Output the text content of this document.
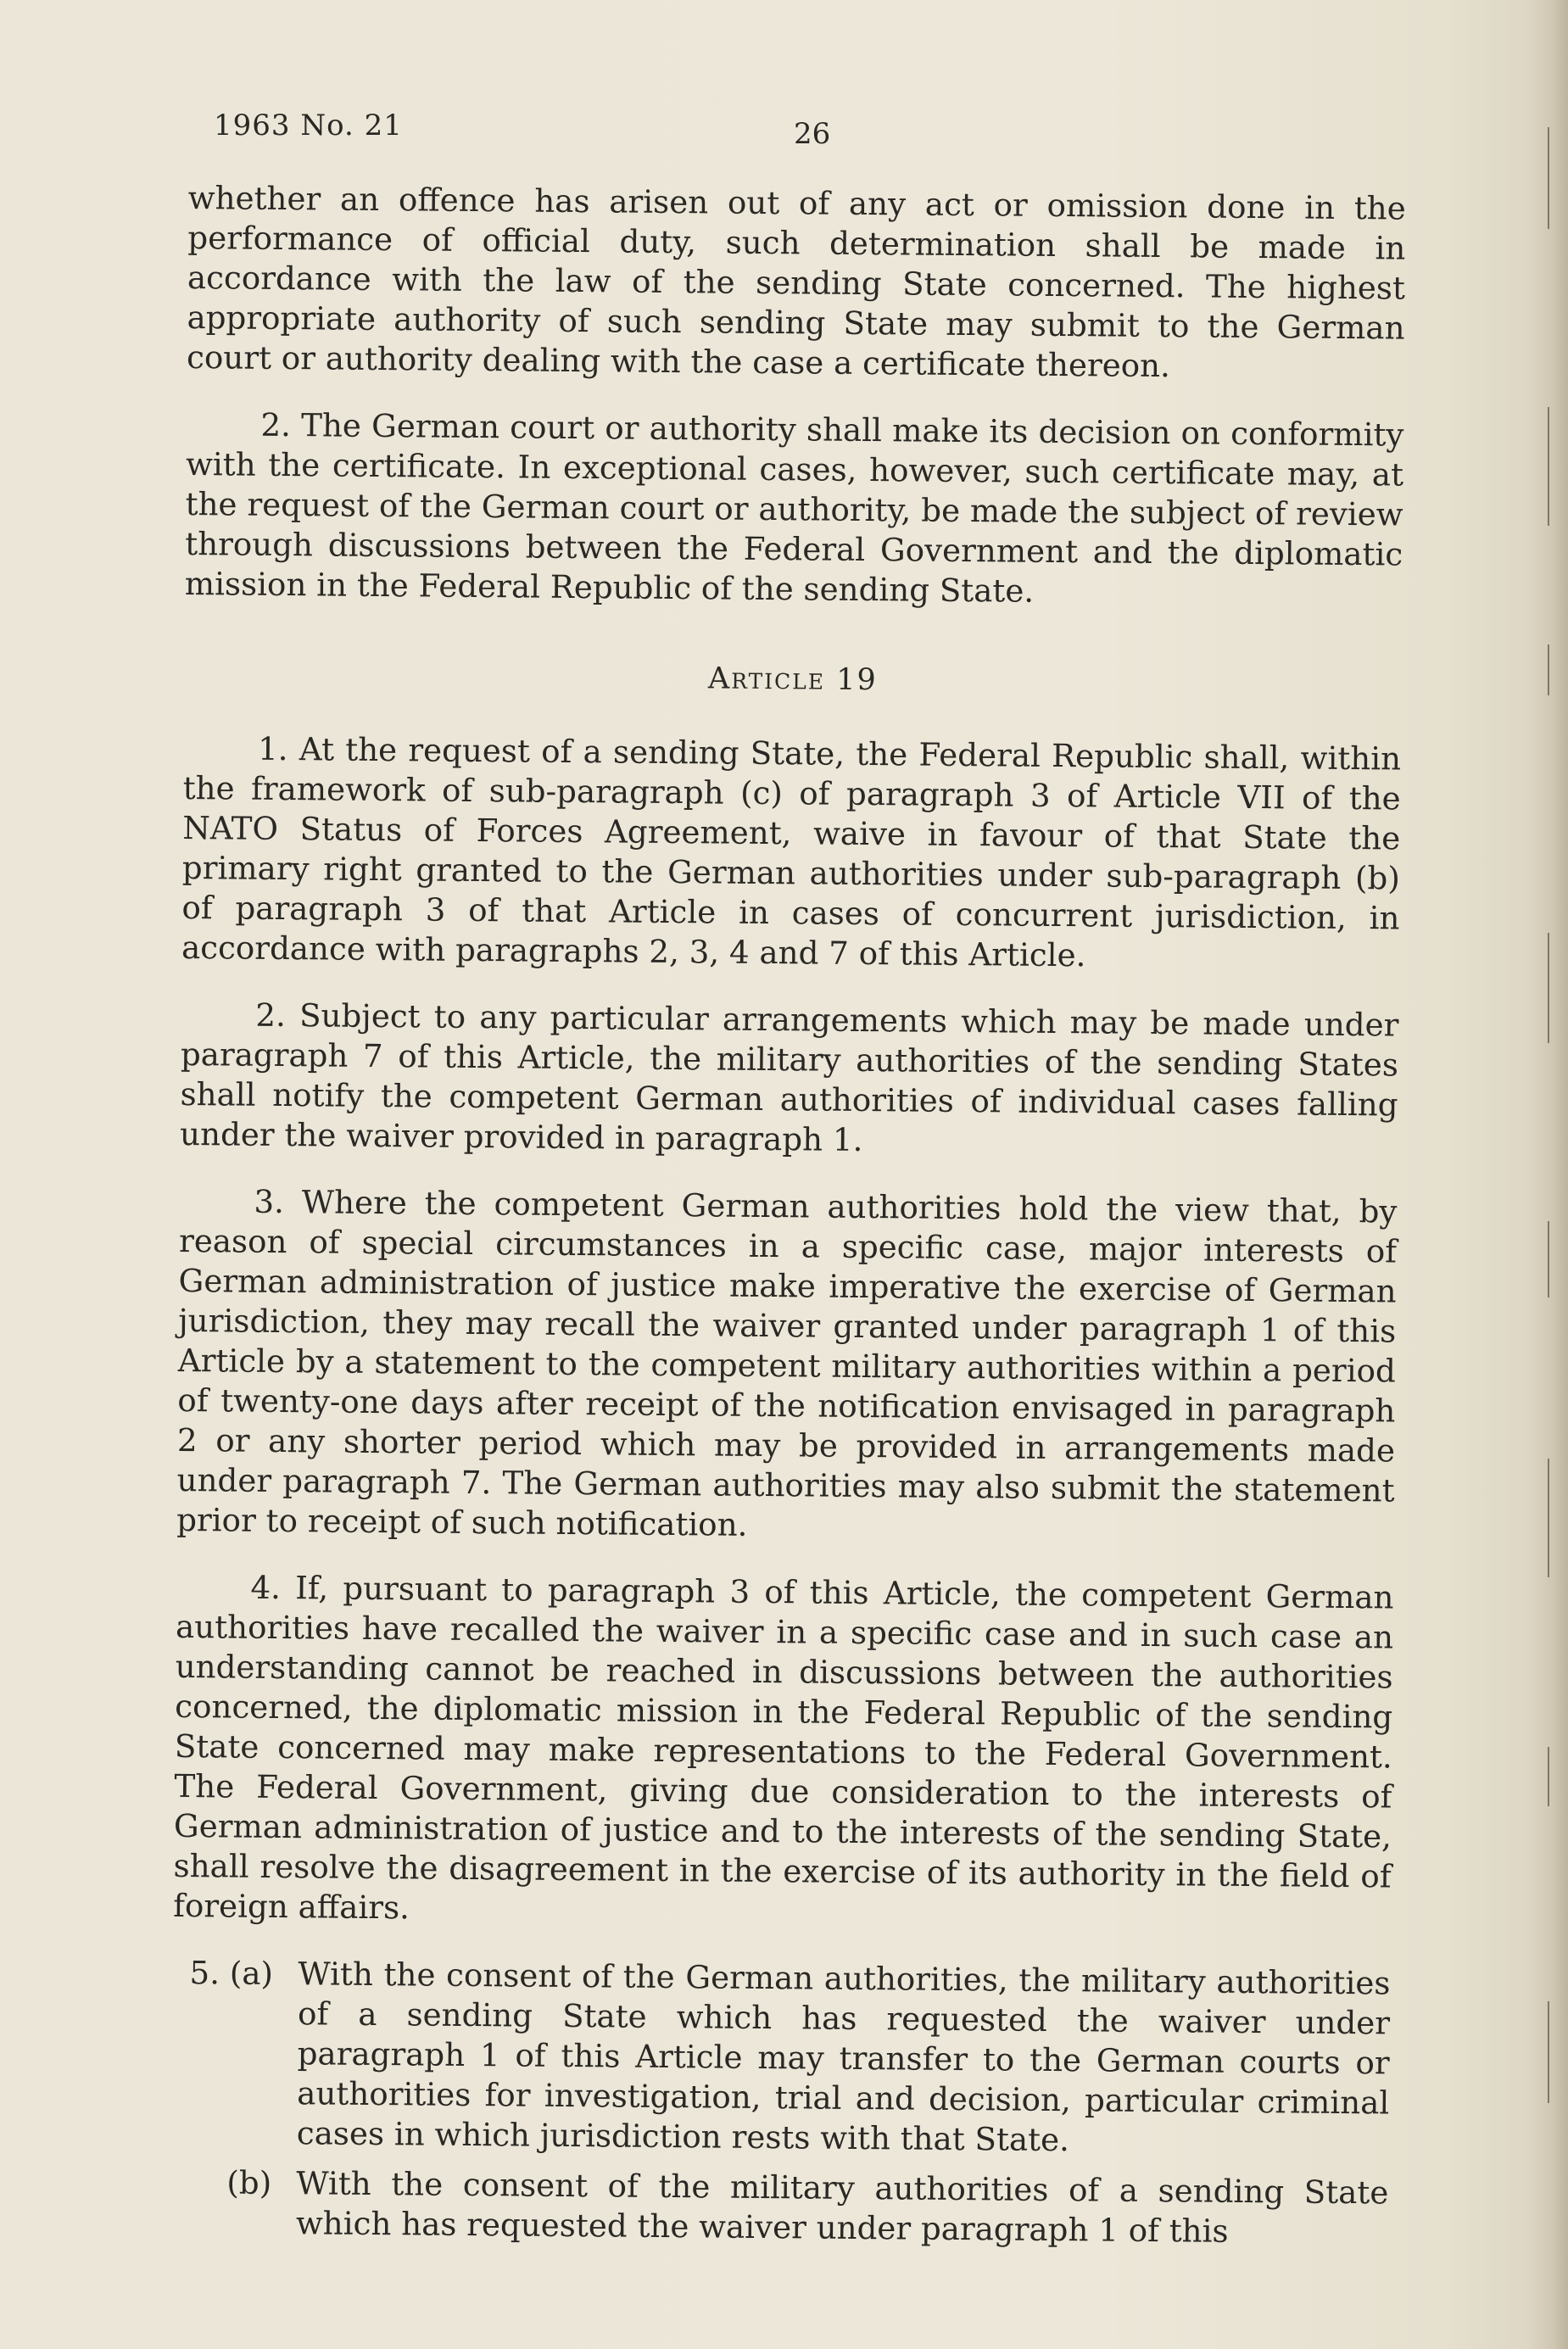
1963 No. 21	26

whether an offence has arisen out of any act or omission done in the performance of official duty, such determination shall be made in accordance with the law of the sending State concerned. The highest appropriate authority of such sending State may submit to the German court or authority dealing with the case a certificate thereon.

2. The German court or authority shall make its decision on conformity with the certificate. In exceptional cases, however, such certificate may, at the request of the German court or authority, be made the subject of review through discussions between the Federal Government and the diplomatic mission in the Federal Republic of the sending State.

Article 19

1. At the request of a sending State, the Federal Republic shall, within the framework of sub-paragraph (c) of paragraph 3 of Article VII of the NATO Status of Forces Agreement, waive in favour of that State the primary right granted to the German authorities under sub-paragraph (b) of paragraph 3 of that Article in cases of concurrent jurisdiction, in accordance with paragraphs 2, 3, 4 and 7 of this Article.

2. Subject to any particular arrangements which may be made under paragraph 7 of this Article, the military authorities of the sending States shall notify the competent German authorities of individual cases falling under the waiver provided in paragraph 1.

3. Where the competent German authorities hold the view that, by reason of special circumstances in a specific case, major interests of German administration of justice make imperative the exercise of German jurisdiction, they may recall the waiver granted under paragraph 1 of this Article by a statement to the competent military authorities within a period of twenty-one days after receipt of the notification envisaged in paragraph 2 or any shorter period which may be provided in arrangements made under paragraph 7. The German authorities may also submit the statement prior to receipt of such notification.

4. If, pursuant to paragraph 3 of this Article, the competent German authorities have recalled the waiver in a specific case and in such case an understanding cannot be reached in discussions between the authorities concerned, the diplomatic mission in the Federal Republic of the sending State concerned may make representations to the Federal Government. The Federal Government, giving due consideration to the interests of German administration of justice and to the interests of the sending State, shall resolve the disagreement in the exercise of its authority in the field of foreign affairs.

5. (a) With the consent of the German authorities, the military authorities of a sending State which has requested the waiver under paragraph 1 of this Article may transfer to the German courts or authorities for investigation, trial and decision, particular criminal cases in which jurisdiction rests with that State.
(b) With the consent of the military authorities of a sending State which has requested the waiver under paragraph 1 of this
